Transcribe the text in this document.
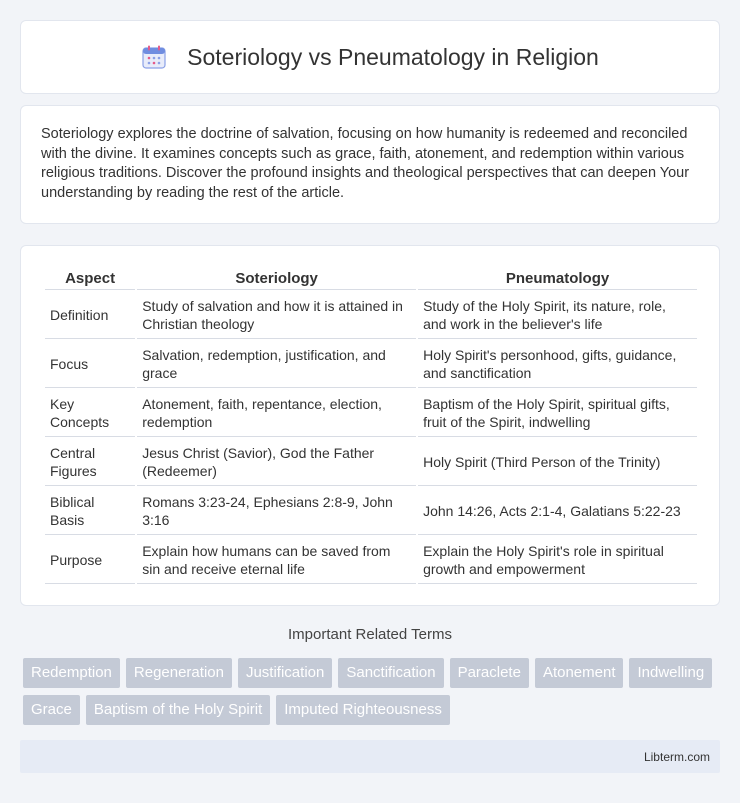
Soteriology vs Pneumatology in Religion

Soteriology explores the doctrine of salvation, focusing on how humanity is redeemed and reconciled with the divine. It examines concepts such as grace, faith, atonement, and redemption within various religious traditions. Discover the profound insights and theological perspectives that can deepen Your understanding by reading the rest of the article.

Aspect	Soteriology	Pneumatology
Definition	Study of salvation and how it is attained in Christian theology	Study of the Holy Spirit, its nature, role, and work in the believer's life
Focus	Salvation, redemption, justification, and grace	Holy Spirit's personhood, gifts, guidance, and sanctification
Key Concepts	Atonement, faith, repentance, election, redemption	Baptism of the Holy Spirit, spiritual gifts, fruit of the Spirit, indwelling
Central Figures	Jesus Christ (Savior), God the Father (Redeemer)	Holy Spirit (Third Person of the Trinity)
Biblical Basis	Romans 3:23-24, Ephesians 2:8-9, John 3:16	John 14:26, Acts 2:1-4, Galatians 5:22-23
Purpose	Explain how humans can be saved from sin and receive eternal life	Explain the Holy Spirit's role in spiritual growth and empowerment
Important Related Terms
Redemption	Regeneration	Justification	Sanctification	Paraclete	Atonement	Indwelling
Grace	Baptism of the Holy Spirit	Imputed Righteousness
Libterm.com
